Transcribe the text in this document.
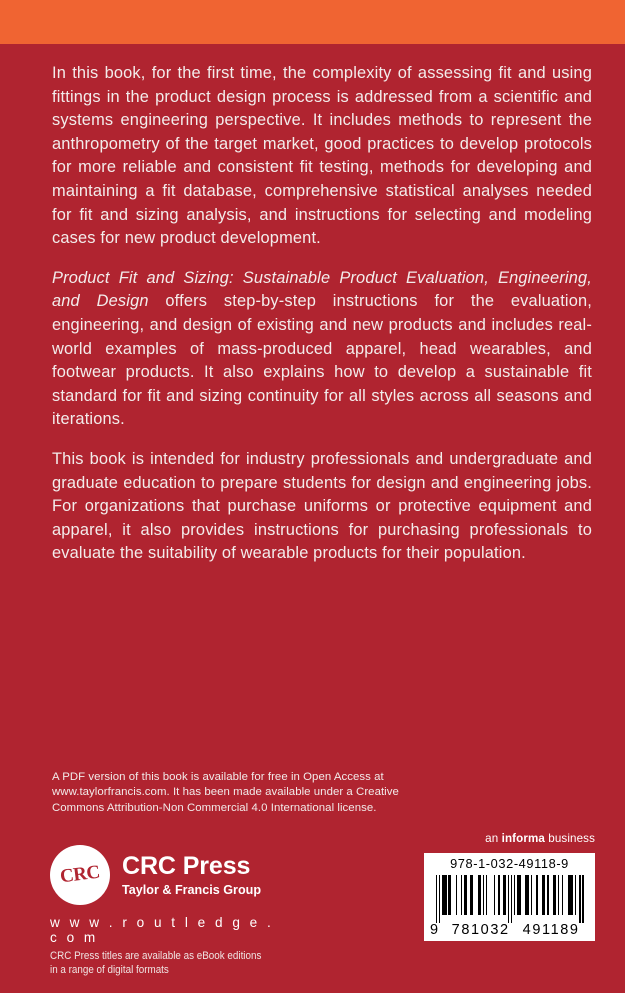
In this book, for the first time, the complexity of assessing fit and using fittings in the product design process is addressed from a scientific and systems engineering perspective. It includes methods to represent the anthropometry of the target market, good practices to develop protocols for more reliable and consistent fit testing, methods for developing and maintaining a fit database, comprehensive statistical analyses needed for fit and sizing analysis, and instructions for selecting and modeling cases for new product development.

Product Fit and Sizing: Sustainable Product Evaluation, Engineering, and Design offers step-by-step instructions for the evaluation, engineering, and design of existing and new products and includes real-world examples of mass-produced apparel, head wearables, and footwear products. It also explains how to develop a sustainable fit standard for fit and sizing continuity for all styles across all seasons and iterations.

This book is intended for industry professionals and undergraduate and graduate education to prepare students for design and engineering jobs. For organizations that purchase uniforms or protective equipment and apparel, it also provides instructions for purchasing professionals to evaluate the suitability of wearable products for their population.

A PDF version of this book is available for free in Open Access at
www.taylorfrancis.com. It has been made available under a Creative
Commons Attribution-Non Commercial 4.0 International license.
CRC CRC Press
Taylor & Francis Group
w w w . r o u t l e d g e . c o m
CRC Press titles are available as eBook editions
in a range of digital formats
an informa business
978-1-032-49118-9
9 781032 491189
